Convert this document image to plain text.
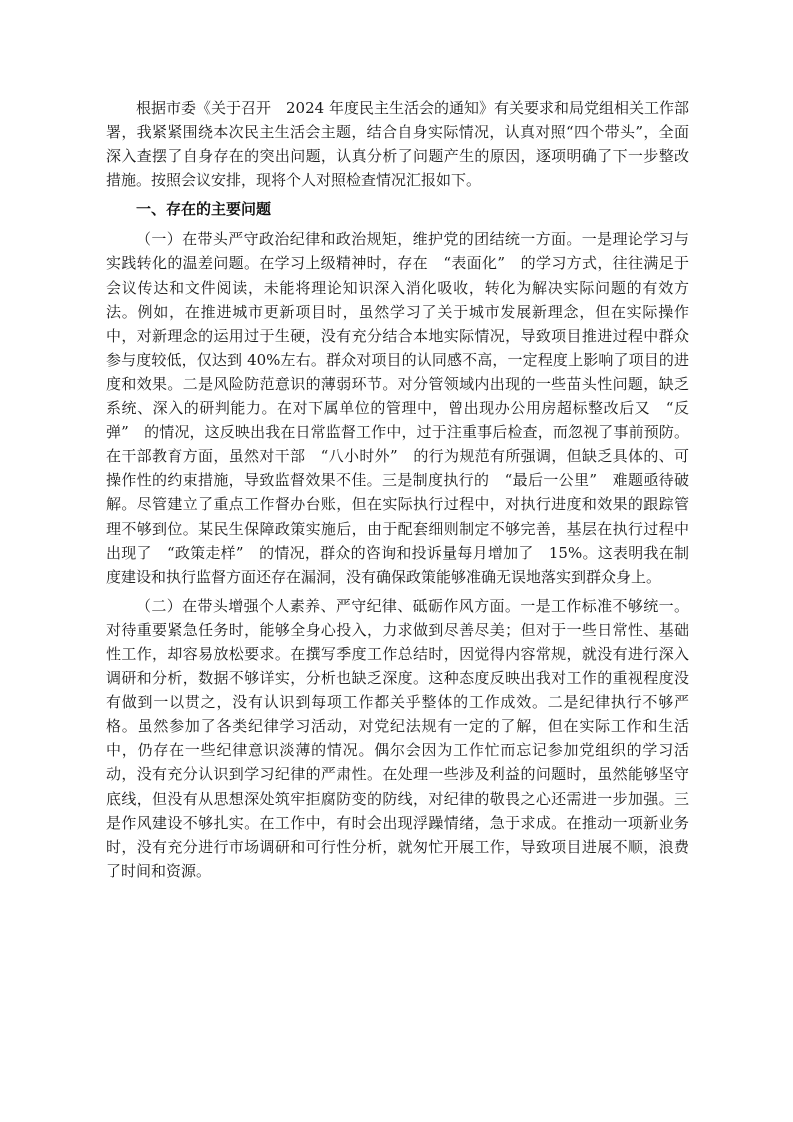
根据市委《关于召开　2024 年度民主生活会的通知》有关要求和局党组相关工作部署，我紧紧围绕本次民主生活会主题，结合自身实际情况，认真对照“四个带头”，全面深入查摆了自身存在的突出问题，认真分析了问题产生的原因，逐项明确了下一步整改措施。按照会议安排，现将个人对照检查情况汇报如下。

一、存在的主要问题

（一）在带头严守政治纪律和政治规矩，维护党的团结统一方面。一是理论学习与实践转化的温差问题。在学习上级精神时，存在　“表面化”　的学习方式，往往满足于会议传达和文件阅读，未能将理论知识深入消化吸收，转化为解决实际问题的有效方法。例如，在推进城市更新项目时，虽然学习了关于城市发展新理念，但在实际操作中，对新理念的运用过于生硬，没有充分结合本地实际情况，导致项目推进过程中群众参与度较低，仅达到 40%左右。群众对项目的认同感不高，一定程度上影响了项目的进度和效果。二是风险防范意识的薄弱环节。对分管领域内出现的一些苗头性问题，缺乏系统、深入的研判能力。在对下属单位的管理中，曾出现办公用房超标整改后又　“反弹”　的情况，这反映出我在日常监督工作中，过于注重事后检查，而忽视了事前预防。在干部教育方面，虽然对干部　“八小时外”　的行为规范有所强调，但缺乏具体的、可操作性的约束措施，导致监督效果不佳。三是制度执行的　“最后一公里”　难题亟待破解。尽管建立了重点工作督办台账，但在实际执行过程中，对执行进度和效果的跟踪管理不够到位。某民生保障政策实施后，由于配套细则制定不够完善，基层在执行过程中出现了　“政策走样”　的情况，群众的咨询和投诉量每月增加了　15%。这表明我在制度建设和执行监督方面还存在漏洞，没有确保政策能够准确无误地落实到群众身上。

（二）在带头增强个人素养、严守纪律、砥砺作风方面。一是工作标准不够统一。对待重要紧急任务时，能够全身心投入，力求做到尽善尽美；但对于一些日常性、基础性工作，却容易放松要求。在撰写季度工作总结时，因觉得内容常规，就没有进行深入调研和分析，数据不够详实，分析也缺乏深度。这种态度反映出我对工作的重视程度没有做到一以贯之，没有认识到每项工作都关乎整体的工作成效。二是纪律执行不够严格。虽然参加了各类纪律学习活动，对党纪法规有一定的了解，但在实际工作和生活中，仍存在一些纪律意识淡薄的情况。偶尔会因为工作忙而忘记参加党组织的学习活动，没有充分认识到学习纪律的严肃性。在处理一些涉及利益的问题时，虽然能够坚守底线，但没有从思想深处筑牢拒腐防变的防线，对纪律的敬畏之心还需进一步加强。三是作风建设不够扎实。在工作中，有时会出现浮躁情绪，急于求成。在推动一项新业务时，没有充分进行市场调研和可行性分析，就匆忙开展工作，导致项目进展不顺，浪费了时间和资源。
